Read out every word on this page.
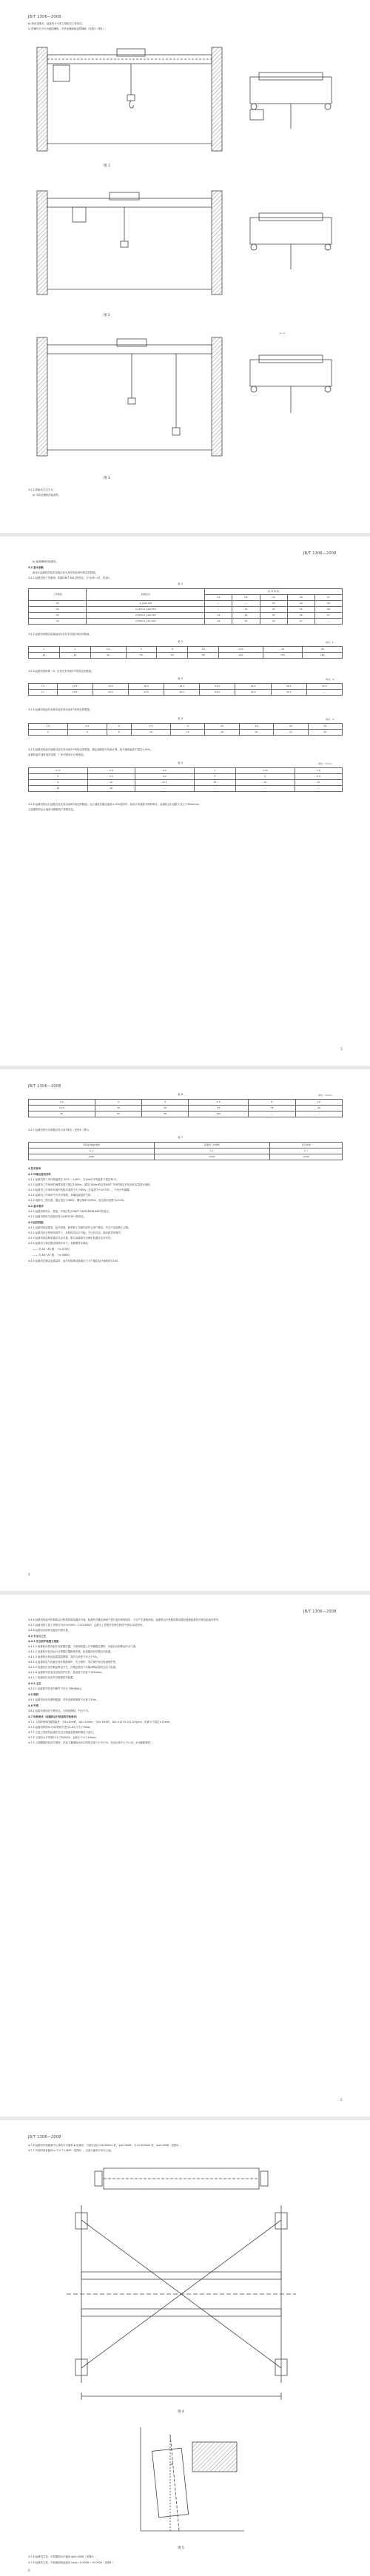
JB/T 1306—2008
b) 按用途要求，起重机分为单主梁和双主梁形式。
c) 按操作方式分为地面操纵、司机室操纵和遥控操纵（见图1～图3）。
图 1
图 2
A—A
图 3
3.1.2 按驱动方式分为：
a) 司机室操纵的起重机；
JB/T 1306—2008
b) 地面操纵的起重机。
3.2 基本参数
新设计起重机的基本参数应优先采用本标准所规定的数值。
3.2.1 起重机的工作级别，根据GB/T 3811的规定，分为A3～A7，见表1。
表 1
工作级别	载荷状态	使 用 等 级				
		U3	U4	U5	U6	U7
Q1	K_p≤0.125	—	—	A3	A4	A5
Q2	0.125<K_p≤0.250	—	A3	A4	A5	A6
Q3	0.250<K_p≤0.500	A3	A4	A5	A6	A7
Q4	0.500<K_p≤1.000	A4	A5	A6	A7	—
3.2.2 起重机的额定起重量Q应优先采用表2规定的数值。
表 2	单位：t
1	2	3.2	5	8	10	12.5	16	20
25	32	40	50	63	80	100	125	160
3.2.3 起重机的跨度（S）应优先采用表3中所规定的数值。
表 3	单位：m
7.5	10.5	13.5	16.5	19.5	22.5	25.5	28.5	31.5
17	18.5	20.5	23.5	26.5	29.5	32.5	35.5	—
3.2.4 起重机的起升高度应优先采用表4中所规定的数值。
表 4	单位：m
3.5	4.5	6	7.5	9	12	16	20	24
5	6	8	10	12	16	20	24	30
3.2.5 起重机的起升速度宜优先采用表5中所规定的数值，额定速度按平均值计算，起升速度偏差不超过±10%。
起重机起升速度适用范围，厂家可按设计合理选取。
表 5	单位：m/min
0.72	0.8	0.9	1	1.25	1.6
2	2.5	3.2	4	5	6.3
8	10	12.5	16	20	25
32	40	—	—	—	—
3.2.6 起重机的运行速度宜优先采用表6所规定的数值。运行速度在额定速度±10%范围内。原设计的速度可保持原状，起重机运行速度不宜大于60m/min。
主起重机的运行速度可根据用户需要设定。
3
JB/T 1306—2008
表 6	单位：m/min
3.2	4	5	6.3	8	10
12.5	16	20	25	32	40
50	63	80	100	—	—
3.2.7 起重机的安全系数应符合表7规定（见图1～图3）。
表 7
司机室/地面/遥控	起重机工作级别	安全系数
C_s	C_L	C_r
≥300	≥300	≥160
4 技术要求
4.1 环境及使用条件
4.1.1 起重机的工作环境温度在-20℃～+40℃，在24h内平均温度不超过35℃。
4.1.2 起重机工作场所的海拔高度不超过1000m，超过1000m的应按GB/T 755的规定对电动机容量进行校核。
4.1.3 起重机工作场所环境中的相对湿度不大于85%（在温度为+25℃时），不允许有凝露。
4.1.4 起重机工作场所中不应有易燃、易爆及腐蚀性气体。
4.1.5 电源为三相交流，额定电压为380V，额定频率为50Hz，电压波动范围为±10%。
4.2 基本要求
4.2.1 起重机的设计、制造、安装应符合GB/T 14405和GB 6067的规定。
4.2.2 起重机的电气设备应符合GB 5226.2的规定。
4.3 使用性能
4.3.1 起重机的起重量、起升高度、跨度和工作级别应符合用户要求，并在产品铭牌上注明。
4.3.2 起重机在正常使用条件下，各机构应运行平稳，不应有冲击、振动和异常噪声。
4.3.3 起重机的控制装置应灵活可靠，限位装置和安全保护装置应完好有效。
4.3.4 起重机主梁在额定载荷作用下，其静刚性应满足：
—— 对 A3～A5 级： f ≤ S/700；
—— 对 A6～A7 级： f ≤ S/800。
4.3.5 起重机在额定起重量时，起升机构制动距离应不大于额定起升速度的1/100。
4
JB/T 1306—2008
4.3.6 起重机的起升机构和运行机构的制动器应可靠，起重机在额定载荷下进行起升和制动时，不应产生溜钩现象。起重机运行机构的制动器应能使起重机在规定距离内停车。
4.3.7 起重机的主梁上拱度应为(0.9/1000～1.4/1000)S，且最大上拱度应控制在跨度中部S/10范围内。
4.3.8 起重机各部件连接应牢固可靠。
4.4 安全与卫生
4.4.1 安全防护装置与措施
4.4.1.1 起重机应装设起升高度限位器，当取物装置上升到极限位置时，应能自动切断起升动力源。
4.4.1.2 起重机应装设运行行程限位器和缓冲器，轨道端部应设置止挡装置。
4.4.1.3 起重机应装设起重量限制器，其综合误差不应大于5%。
4.4.1.4 起重机电气设备应设有短路保护、失压保护、零位保护和过电流保护等。
4.4.1.5 起重机应设有紧急断电开关，在紧急情况下应能切断起重机总动力电源。
4.4.1.6 起重机司机室应设有防护栏杆，其高度不应低于1050mm。
4.4.1.7 起重机应设有声光报警信号装置。
4.4.2 卫生
4.4.2.1 起重机司机室内噪声不应大于85dB(A)。
4.5 照明
4.5.1 起重机应设有照明装置，司机室照明照度不应低于30lx。
4.6 外观
4.6.1 起重机表面应平整光洁，无明显锤痕、凹凸不平。
4.7 结构要求（起重机运行轨道的安装要求）
4.7.1 主梁跨度S的极限偏差：当S≤10m时，ΔS=±2mm；当S>10m时，ΔS=±[2+0.1(S-10)]mm，但最大不超过±15mm。
4.7.2 起重机跨度S1与S2的相对差|S1-S2|不大于5mm。
4.7.3 主梁上拱度的检测应在无日照温差影响的情况下进行。
4.7.4 主梁的水平弯曲f不大于S/2000，且最大不大于20mm。
4.7.5 主梁腹板的局部平面度，在离上翼缘板H/3以内的区域不大于0.7δ，其余区域不大于1.2δ（δ为腹板厚度）。
5
JB/T 1306—2008
4.7.6 起重机车轮踏面中心线的水平偏斜 φ 应满足：当镗孔直径 d≤400mm 时，φ≤0.0008；当 d>400mm 时，φ≤0.0006（见图4）。
4.7.7 车轮的垂直偏斜 α 不大于 L/400（见图5），且最大偏斜方向为上偏。
图 4
图 5
4.7.8 起重机主梁，车轮端面水平偏斜 φ≤0.0008（见图4）。
4.7.9 起重机主梁，车轮端面垂直偏斜 tanα=-0.0008～+0.0020（见图5）。
6
